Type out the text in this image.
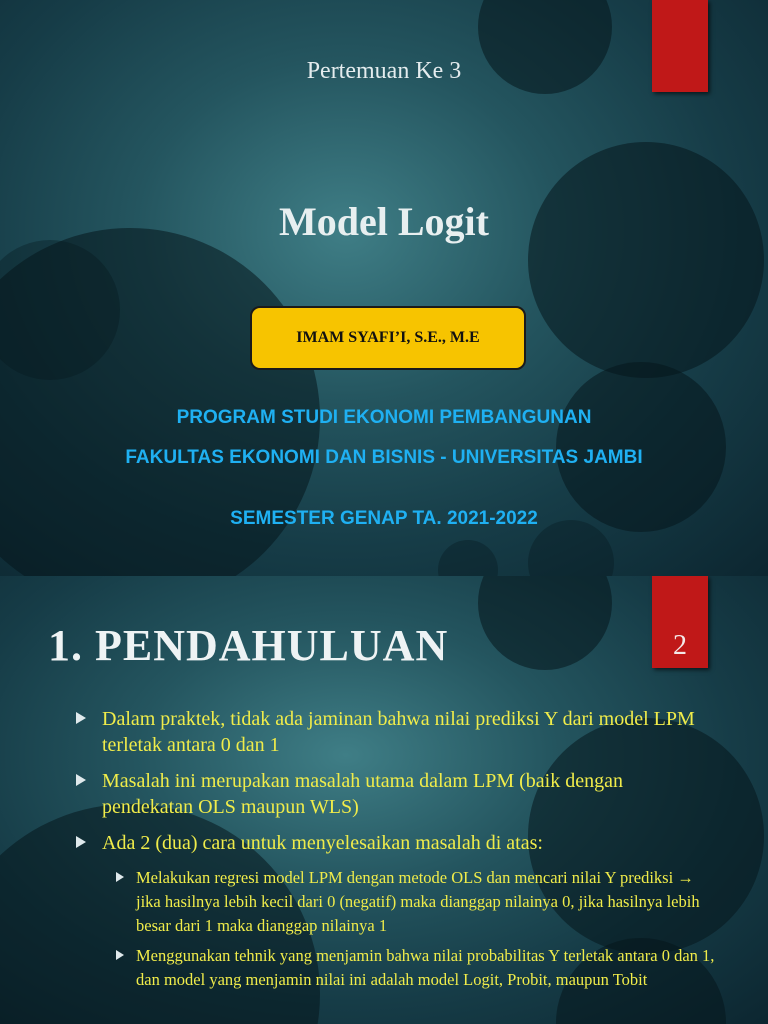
Pertemuan Ke 3
Model Logit
IMAM SYAFI’I, S.E., M.E
PROGRAM STUDI EKONOMI PEMBANGUNAN
FAKULTAS EKONOMI DAN BISNIS - UNIVERSITAS JAMBI
SEMESTER GENAP TA. 2021-2022
2
1. PENDAHULUAN
Dalam praktek, tidak ada jaminan bahwa nilai prediksi Y dari model LPM terletak antara 0 dan 1
Masalah ini merupakan masalah utama dalam LPM (baik dengan pendekatan OLS maupun WLS)
Ada 2 (dua) cara untuk menyelesaikan masalah di atas:
Melakukan regresi model LPM dengan metode OLS dan mencari nilai Y prediksi → jika hasilnya lebih kecil dari 0 (negatif) maka dianggap nilainya 0, jika hasilnya lebih besar dari 1 maka dianggap nilainya 1
Menggunakan tehnik yang menjamin bahwa nilai probabilitas Y terletak antara 0 dan 1, dan model yang menjamin nilai ini adalah model Logit, Probit, maupun Tobit
